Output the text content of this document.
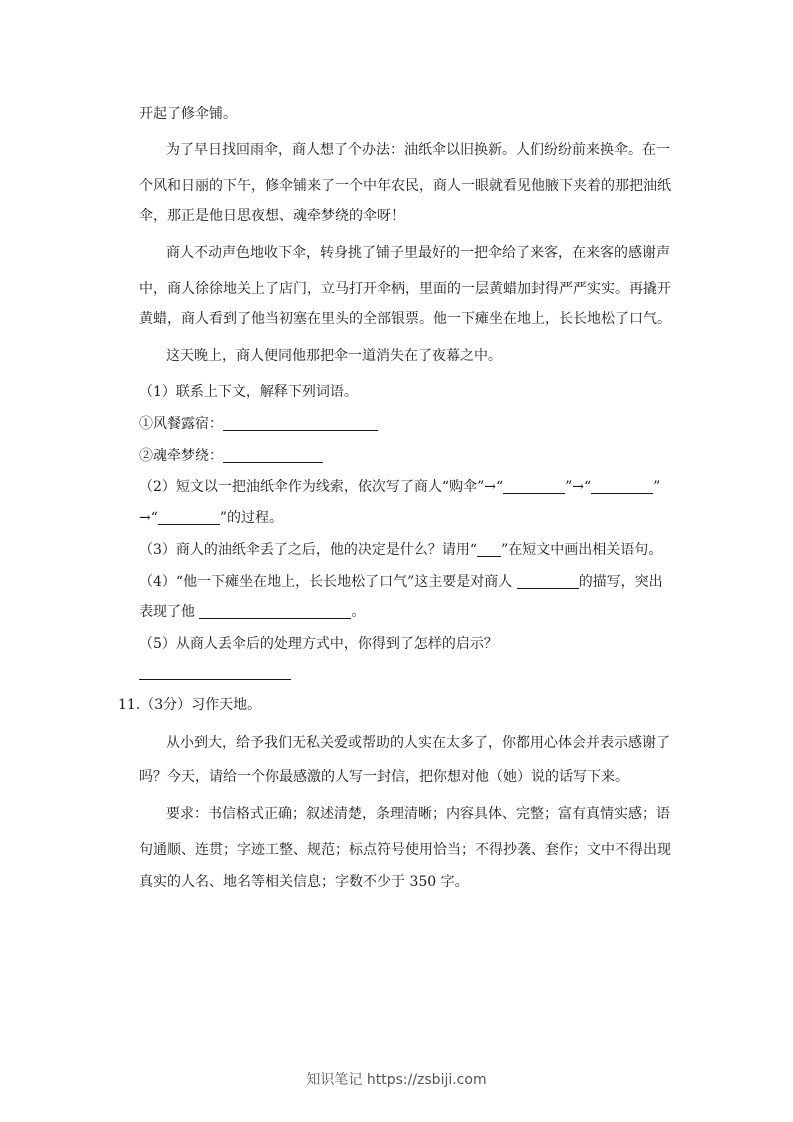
开起了修伞铺。
为了早日找回雨伞，商人想了个办法：油纸伞以旧换新。人们纷纷前来换伞。在一
个风和日丽的下午，修伞铺来了一个中年农民，商人一眼就看见他腋下夹着的那把油纸
伞，那正是他日思夜想、魂牵梦绕的伞呀！
商人不动声色地收下伞，转身挑了铺子里最好的一把伞给了来客，在来客的感谢声
中，商人徐徐地关上了店门，立马打开伞柄，里面的一层黄蜡加封得严严实实。再撬开
黄蜡，商人看到了他当初塞在里头的全部银票。他一下瘫坐在地上，长长地松了口气。
这天晚上，商人便同他那把伞一道消失在了夜幕之中。
（1）联系上下文，解释下列词语。
①风餐露宿：
②魂牵梦绕：
（2）短文以一把油纸伞作为线索，依次写了商人“购伞”→“	”→“	”
→“	”的过程。
（3）商人的油纸伞丢了之后，他的决定是什么？请用“ ”在短文中画出相关语句。
（4）“他一下瘫坐在地上，长长地松了口气”这主要是对商人	的描写，突出
表现了他	。
（5）从商人丢伞后的处理方式中，你得到了怎样的启示？
11.（3分）习作天地。
从小到大，给予我们无私关爱或帮助的人实在太多了，你都用心体会并表示感谢了
吗？今天，请给一个你最感激的人写一封信，把你想对他（她）说的话写下来。
要求：书信格式正确；叙述清楚，条理清晰；内容具体、完整；富有真情实感；语
句通顺、连贯；字迹工整、规范；标点符号使用恰当；不得抄袭、套作；文中不得出现
真实的人名、地名等相关信息；字数不少于 350 字。
知识笔记 https://zsbiji.com
